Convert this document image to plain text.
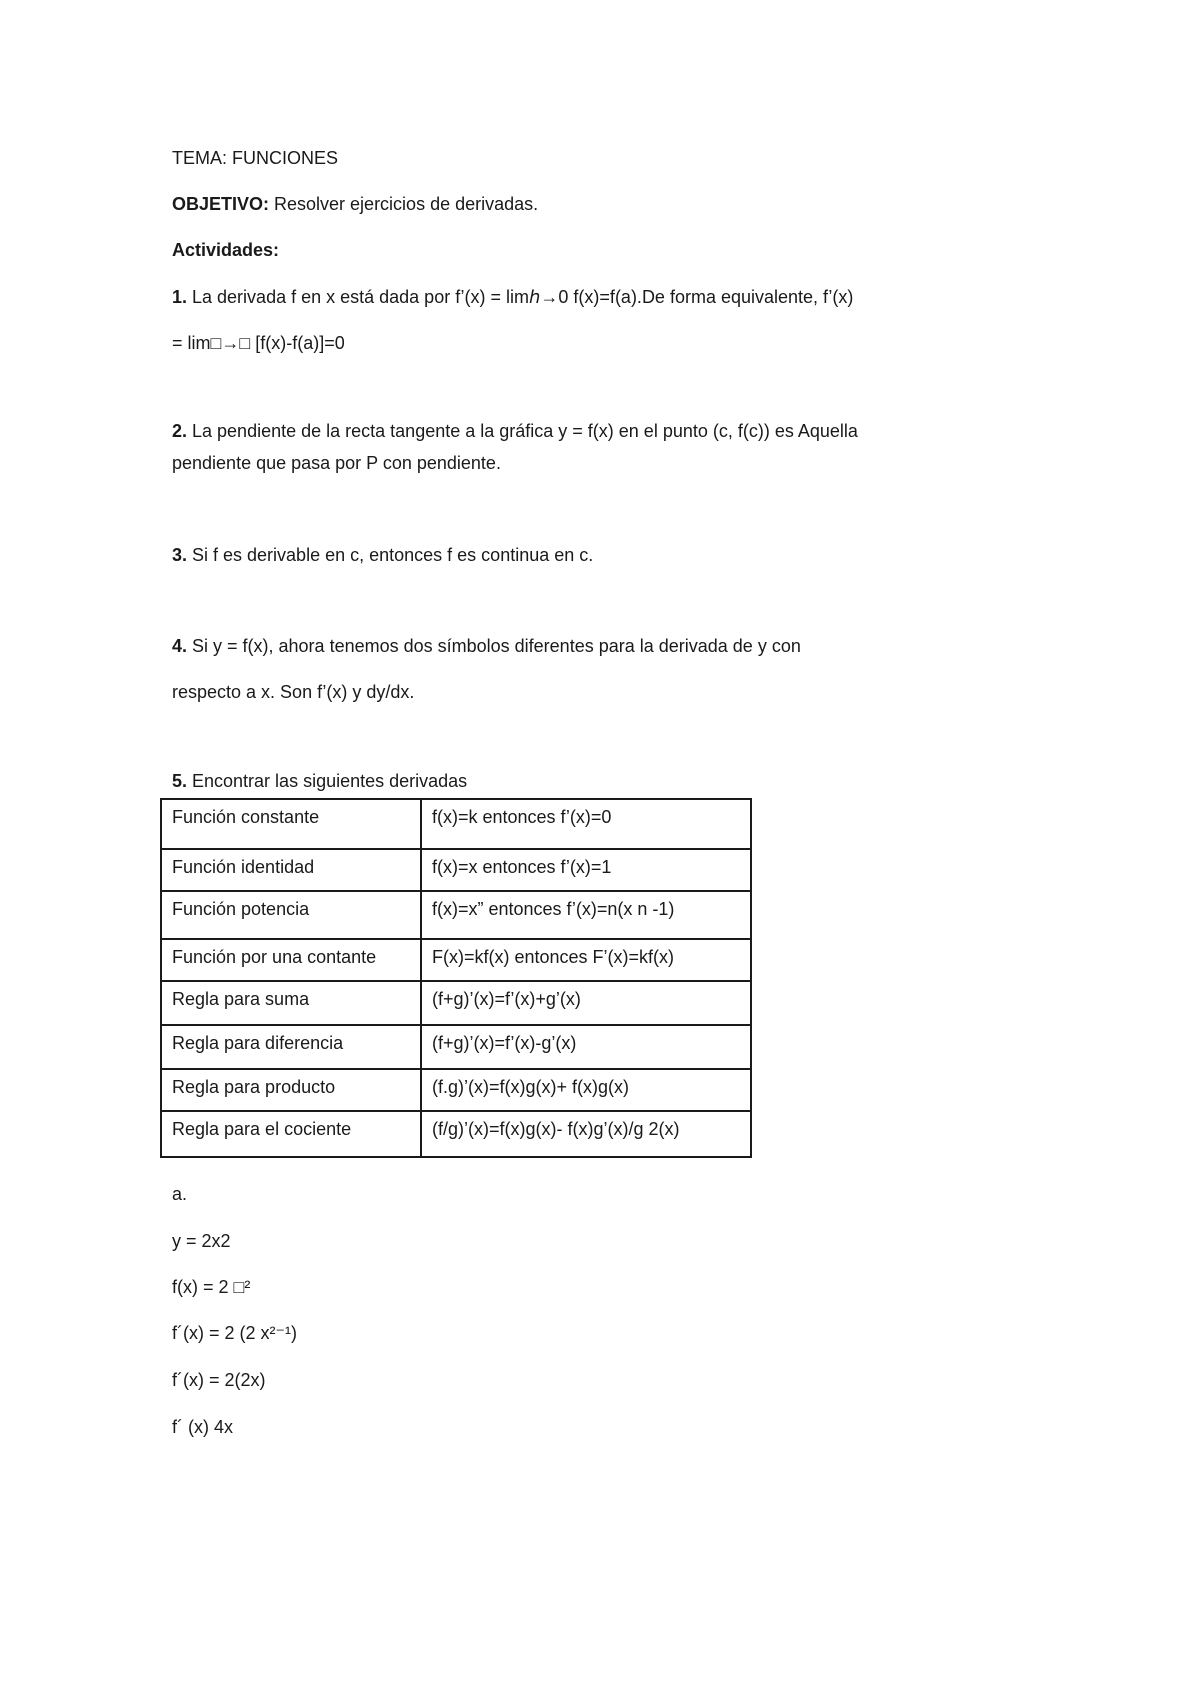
TEMA: FUNCIONES
OBJETIVO: Resolver ejercicios de derivadas.
Actividades:
1. La derivada f en x está dada por f’(x) = limℎ→0 f(x)=f(a).De forma equivalente, f’(x)
= lim□→□ [f(x)-f(a)]=0
2. La pendiente de la recta tangente a la gráfica y = f(x) en el punto (c, f(c)) es Aquella
pendiente que pasa por P con pendiente.
3. Si f es derivable en c, entonces f es continua en c.
4. Si y = f(x), ahora tenemos dos símbolos diferentes para la derivada de y con
respecto a x. Son f’(x) y dy/dx.
5. Encontrar las siguientes derivadas
Función constante	f(x)=k entonces f’(x)=0
Función identidad	f(x)=x entonces f’(x)=1
Función potencia	f(x)=x” entonces f’(x)=n(x n -1)
Función por una contante	F(x)=kf(x) entonces F’(x)=kf(x)
Regla para suma	(f+g)’(x)=f’(x)+g’(x)
Regla para diferencia	(f+g)’(x)=f’(x)-g’(x)
Regla para producto	(f.g)’(x)=f(x)g(x)+ f(x)g(x)
Regla para el cociente	(f/g)’(x)=f(x)g(x)- f(x)g’(x)/g 2(x)
a.
y = 2x2
f(x) = 2 □²
f´(x) = 2 (2 x²⁻¹)
f´(x) = 2(2x)
f´ (x) 4x
